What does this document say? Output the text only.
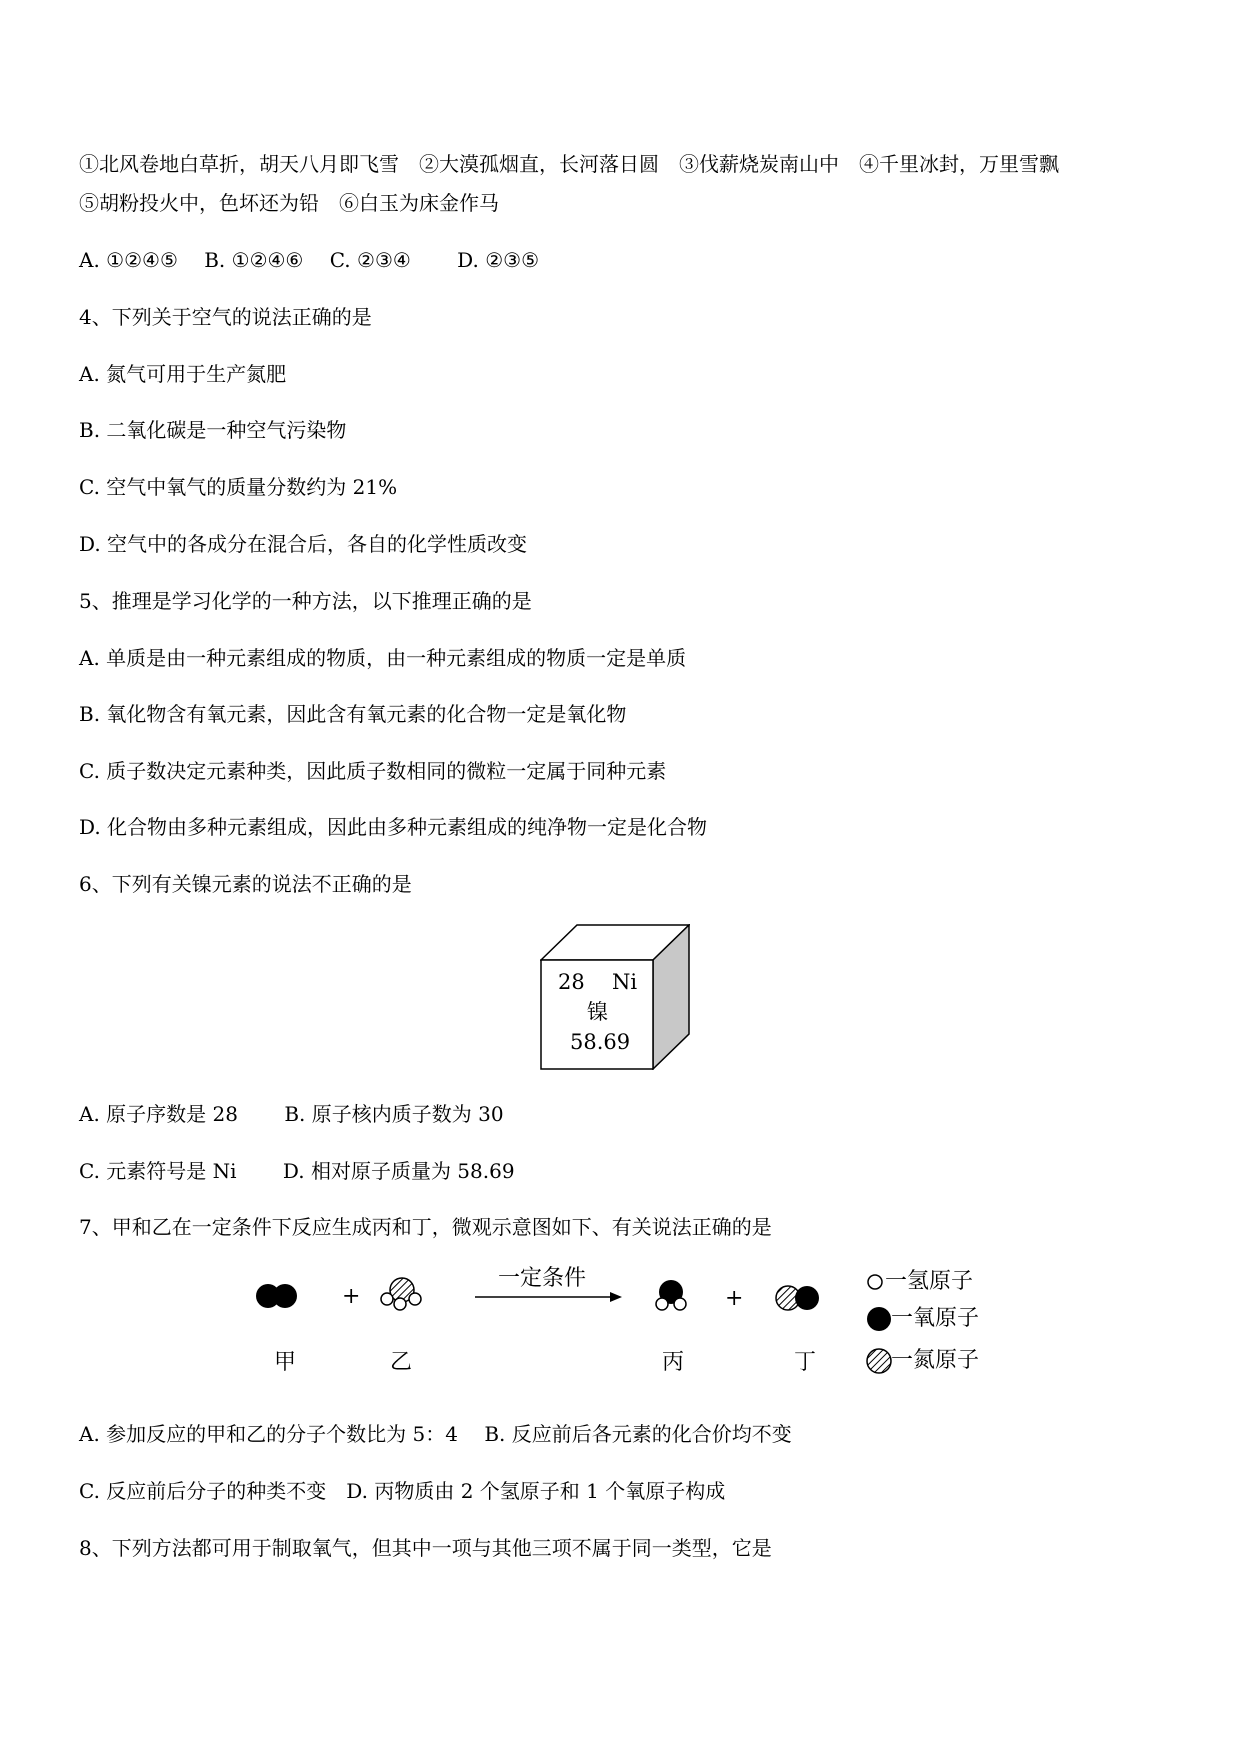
①北风卷地白草折，胡天八月即飞雪　②大漠孤烟直，长河落日圆　③伐薪烧炭南山中　④千里冰封，万里雪飘

⑤胡粉投火中，色坏还为铅　⑥白玉为床金作马

A. ①②④⑤　 B. ①②④⑥　 C. ②③④　　 D. ②③⑤

4、下列关于空气的说法正确的是

A. 氮气可用于生产氮肥

B. 二氧化碳是一种空气污染物

C. 空气中氧气的质量分数约为 21%

D. 空气中的各成分在混合后，各自的化学性质改变

5、推理是学习化学的一种方法，以下推理正确的是

A. 单质是由一种元素组成的物质，由一种元素组成的物质一定是单质

B. 氧化物含有氧元素，因此含有氧元素的化合物一定是氧化物

C. 质子数决定元素种类，因此质子数相同的微粒一定属于同种元素

D. 化合物由多种元素组成，因此由多种元素组成的纯净物一定是化合物

6、下列有关镍元素的说法不正确的是

28 Ni
镍
58.69

A. 原子序数是 28　　 B. 原子核内质子数为 30

C. 元素符号是 Ni　　 D. 相对原子质量为 58.69

7、甲和乙在一定条件下反应生成丙和丁，微观示意图如下、有关说法正确的是

+	+
一定条件
甲	乙	丙	丁
一氢原子
一氧原子
一氮原子

A. 参加反应的甲和乙的分子个数比为 5：4　 B. 反应前后各元素的化合价均不变

C. 反应前后分子的种类不变　D. 丙物质由 2 个氢原子和 1 个氧原子构成

8、下列方法都可用于制取氧气，但其中一项与其他三项不属于同一类型，它是
